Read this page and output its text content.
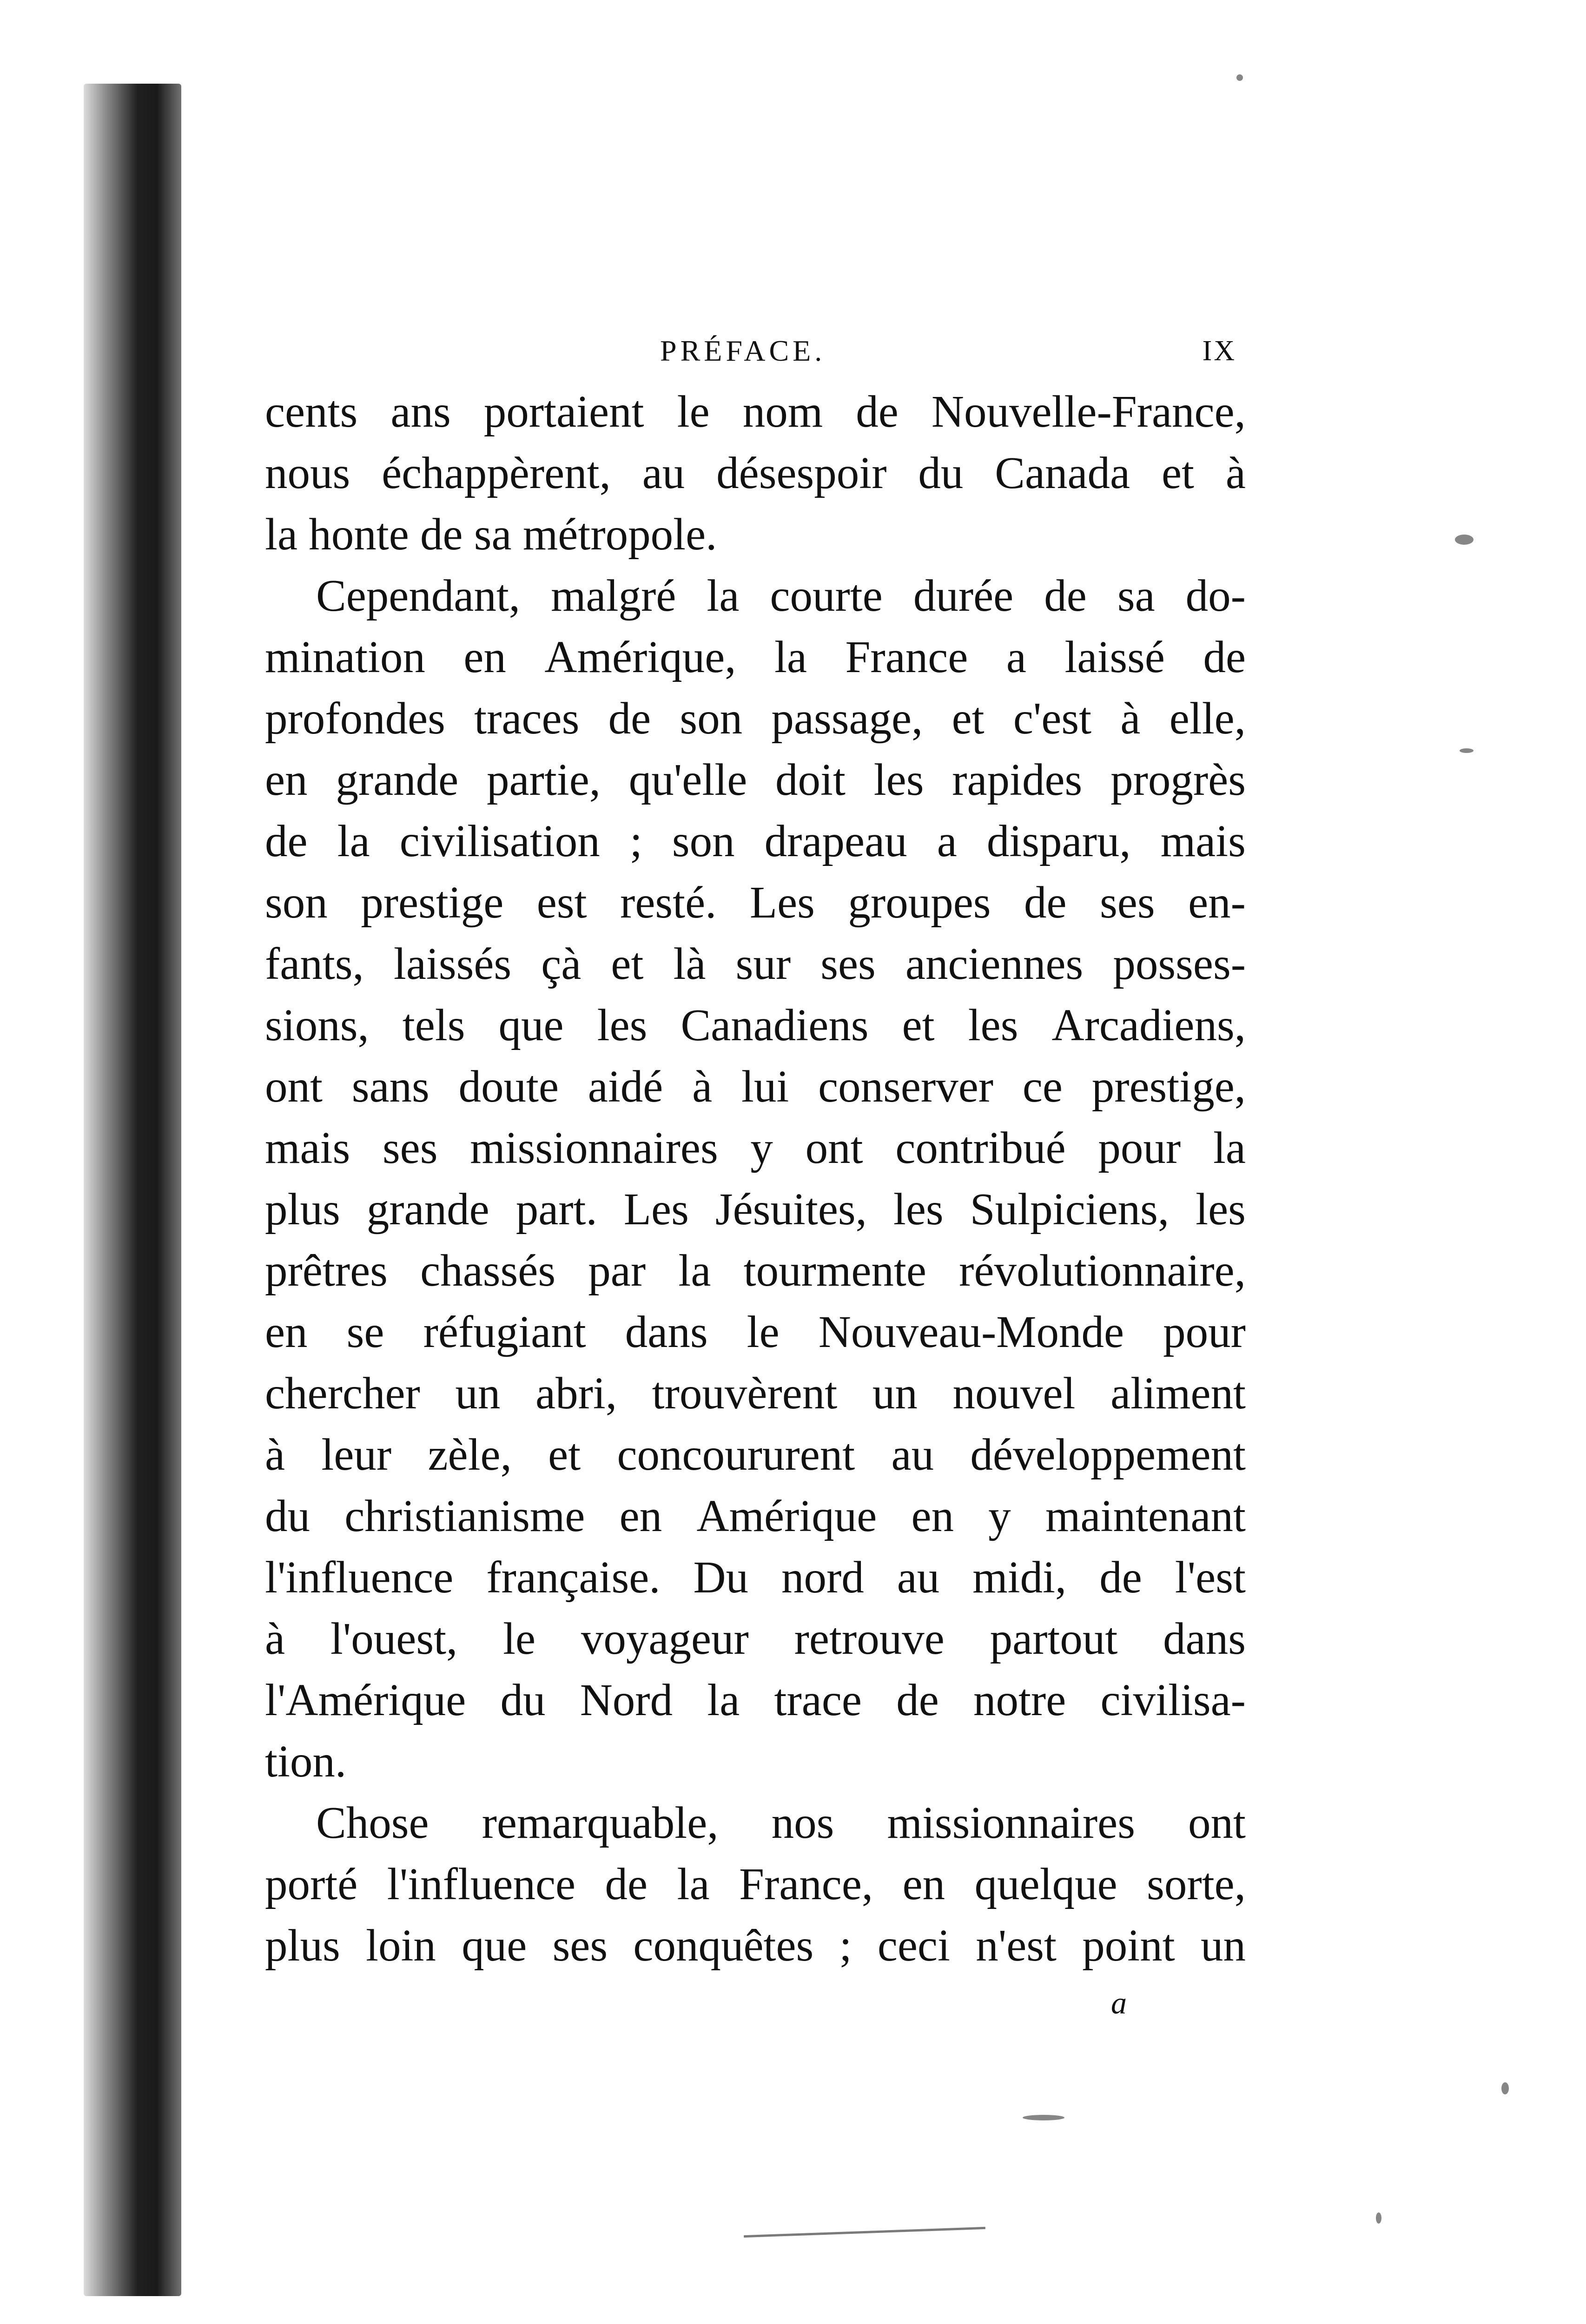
PRÉFACE.	IX
cents ans portaient le nom de Nouvelle-France,
nous échappèrent, au désespoir du Canada et à
la honte de sa métropole.
Cependant, malgré la courte durée de sa do-
mination en Amérique, la France a laissé de
profondes traces de son passage, et c'est à elle,
en grande partie, qu'elle doit les rapides progrès
de la civilisation ; son drapeau a disparu, mais
son prestige est resté. Les groupes de ses en-
fants, laissés çà et là sur ses anciennes posses-
sions, tels que les Canadiens et les Arcadiens,
ont sans doute aidé à lui conserver ce prestige,
mais ses missionnaires y ont contribué pour la
plus grande part. Les Jésuites, les Sulpiciens, les
prêtres chassés par la tourmente révolutionnaire,
en se réfugiant dans le Nouveau-Monde pour
chercher un abri, trouvèrent un nouvel aliment
à leur zèle, et concoururent au développement
du christianisme en Amérique en y maintenant
l'influence française. Du nord au midi, de l'est
à l'ouest, le voyageur retrouve partout dans
l'Amérique du Nord la trace de notre civilisa-
tion.
Chose remarquable, nos missionnaires ont
porté l'influence de la France, en quelque sorte,
plus loin que ses conquêtes ; ceci n'est point un
a
